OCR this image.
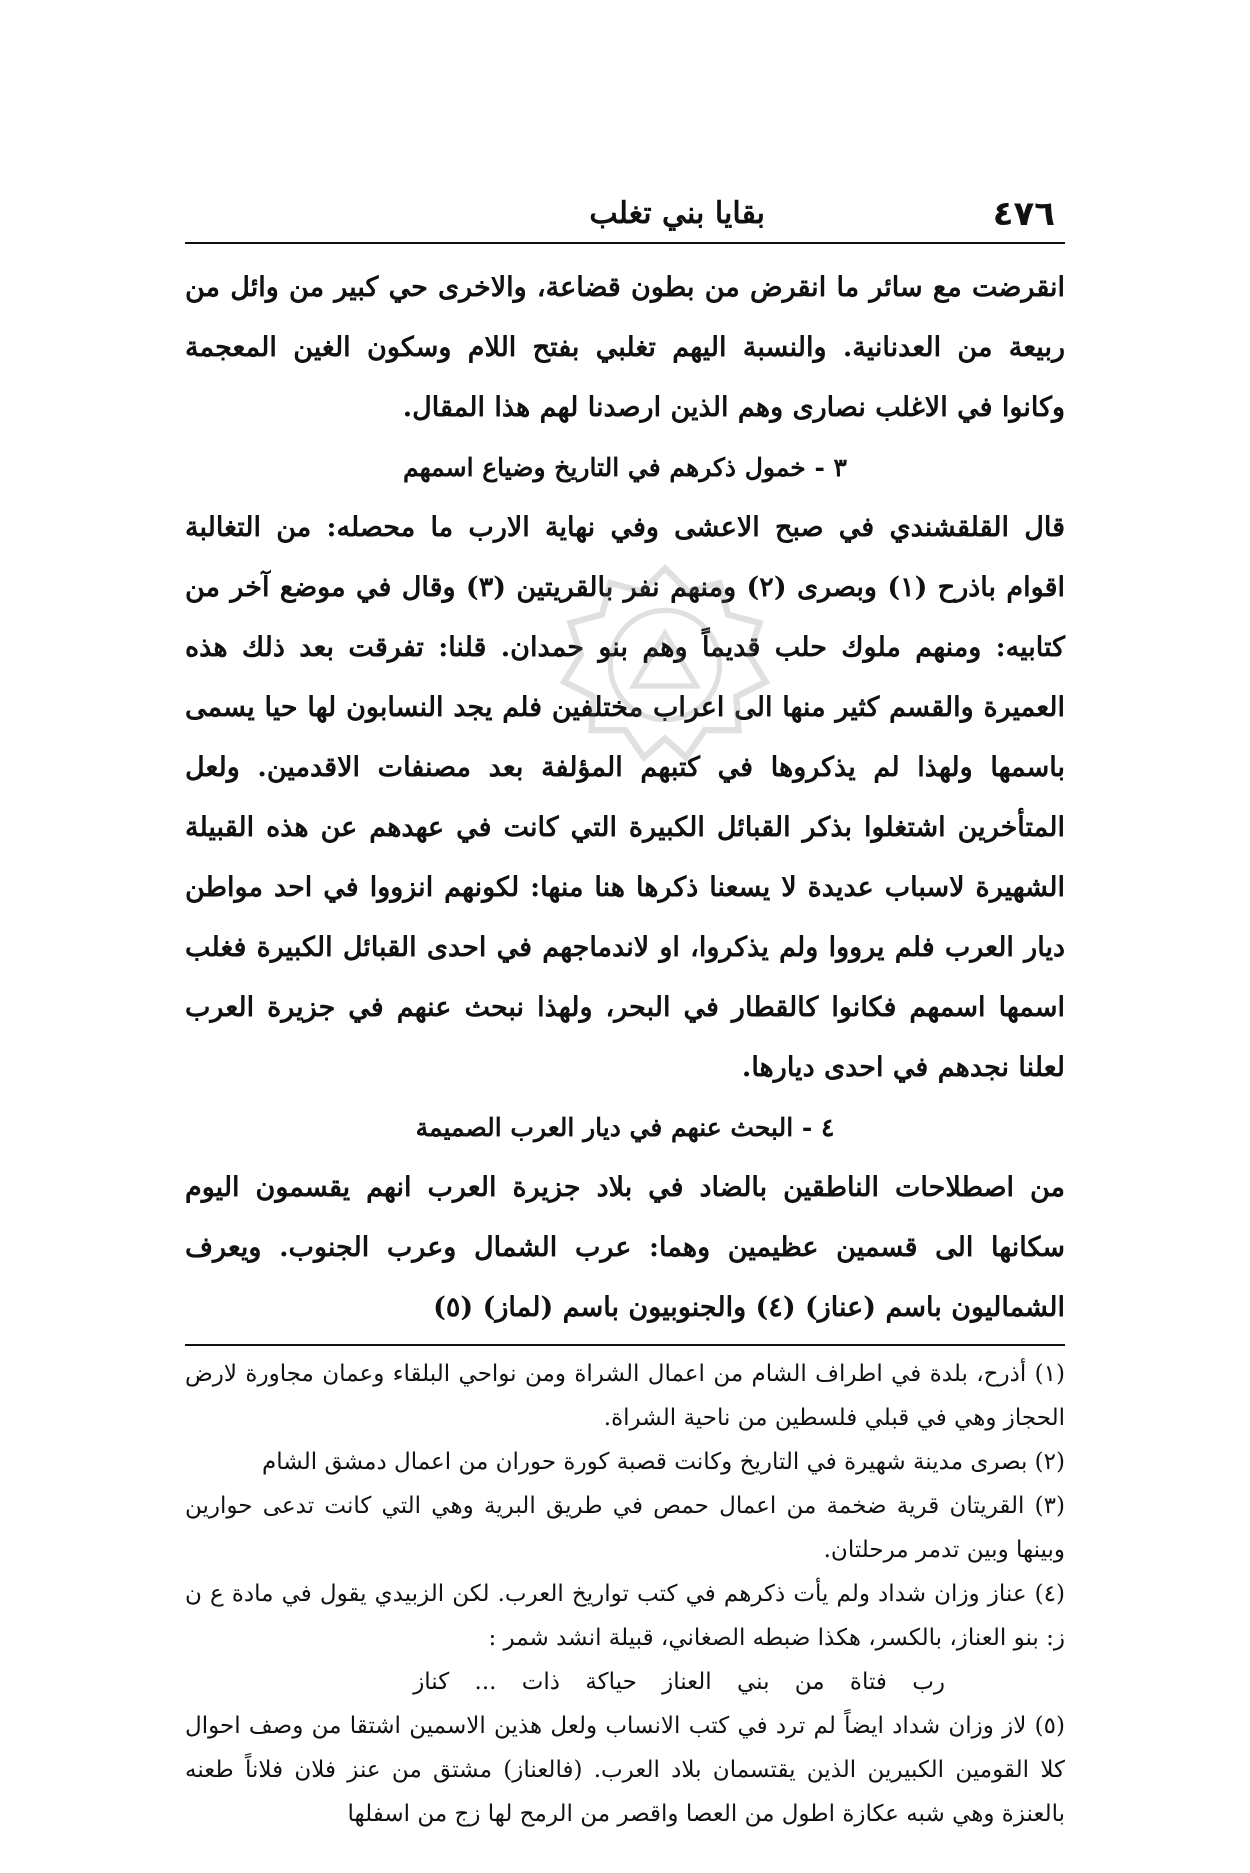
٤٧٦
بقايا بني تغلب

انقرضت مع سائر ما انقرض من بطون قضاعة، والاخرى حي كبير من وائل من ربيعة من العدنانية. والنسبة اليهم تغلبي بفتح اللام وسكون الغين المعجمة وكانوا في الاغلب نصارى وهم الذين ارصدنا لهم هذا المقال.

٣ - خمول ذكرهم في التاريخ وضياع اسمهم

قال القلقشندي في صبح الاعشى وفي نهاية الارب ما محصله: من التغالبة اقوام باذرح (١) وبصرى (٢) ومنهم نفر بالقريتين (٣) وقال في موضع آخر من كتابيه: ومنهم ملوك حلب قديماً وهم بنو حمدان. قلنا: تفرقت بعد ذلك هذه العميرة والقسم كثير منها الى اعراب مختلفين فلم يجد النسابون لها حيا يسمى باسمها ولهذا لم يذكروها في كتبهم المؤلفة بعد مصنفات الاقدمين. ولعل المتأخرين اشتغلوا بذكر القبائل الكبيرة التي كانت في عهدهم عن هذه القبيلة الشهيرة لاسباب عديدة لا يسعنا ذكرها هنا منها: لكونهم انزووا في احد مواطن ديار العرب فلم يرووا ولم يذكروا، او لاندماجهم في احدى القبائل الكبيرة فغلب اسمها اسمهم فكانوا كالقطار في البحر، ولهذا نبحث عنهم في جزيرة العرب لعلنا نجدهم في احدى ديارها.

٤ - البحث عنهم في ديار العرب الصميمة

من اصطلاحات الناطقين بالضاد في بلاد جزيرة العرب انهم يقسمون اليوم سكانها الى قسمين عظيمين وهما: عرب الشمال وعرب الجنوب. ويعرف الشماليون باسم (عناز) (٤) والجنوبيون باسم (لماز) (٥)

(١) أذرح، بلدة في اطراف الشام من اعمال الشراة ومن نواحي البلقاء وعمان مجاورة لارض الحجاز وهي في قبلي فلسطين من ناحية الشراة.

(٢) بصرى مدينة شهيرة في التاريخ وكانت قصبة كورة حوران من اعمال دمشق الشام

(٣) القريتان قرية ضخمة من اعمال حمص في طريق البرية وهي التي كانت تدعى حوارين وبينها وبين تدمر مرحلتان.

(٤) عناز وزان شداد ولم يأت ذكرهم في كتب تواريخ العرب. لكن الزبيدي يقول في مادة ع ن ز: بنو العناز، بالكسر، هكذا ضبطه الصغاني، قبيلة انشد شمر :

رب فتاة من بني العناز حياكة ذات ... كناز

(٥) لاز وزان شداد ايضاً لم ترد في كتب الانساب ولعل هذين الاسمين اشتقا من وصف احوال كلا القومين الكبيرين الذين يقتسمان بلاد العرب. (فالعناز) مشتق من عنز فلان فلاناً طعنه بالعنزة وهي شبه عكازة اطول من العصا واقصر من الرمح لها زج من اسفلها
